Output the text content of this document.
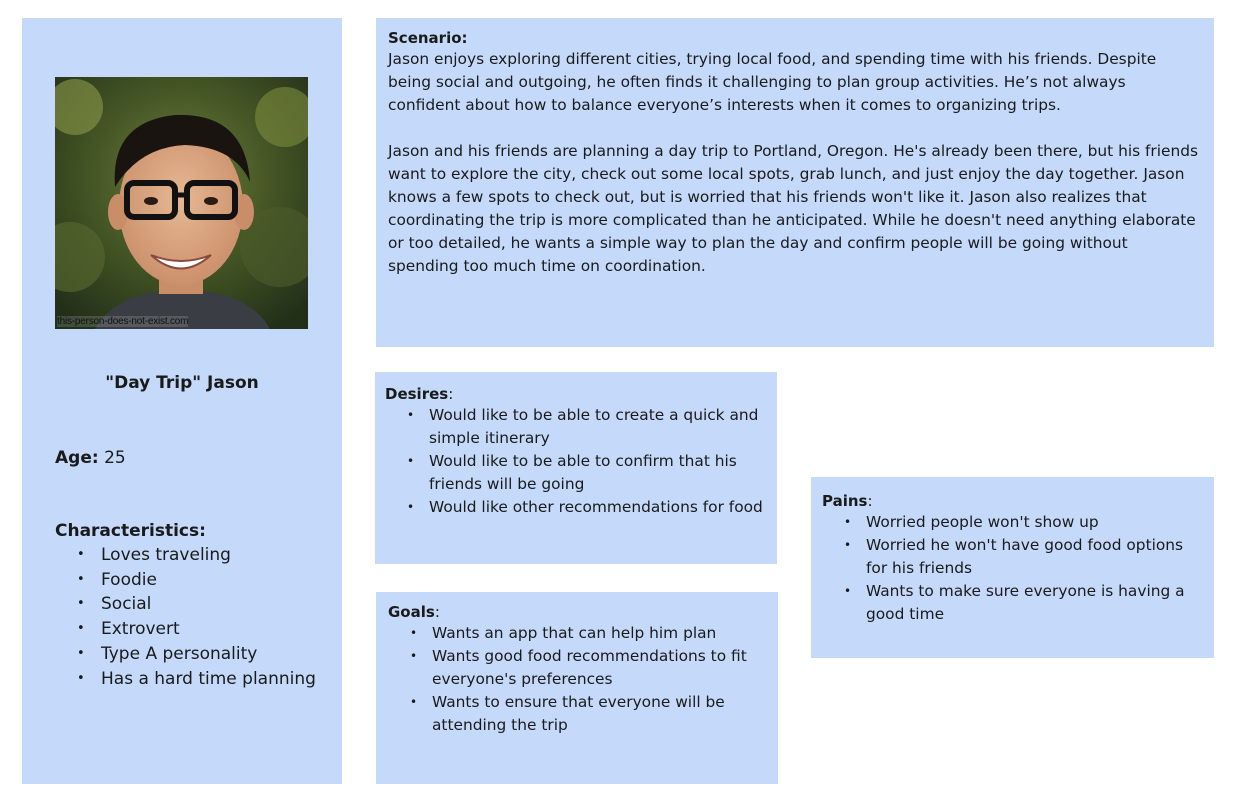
this-person-does-not-exist.com
"Day Trip" Jason
Age: 25
Characteristics:
• Loves traveling
• Foodie
• Social
• Extrovert
• Type A personality
• Has a hard time planning
Scenario:

Jason enjoys exploring different cities, trying local food, and spending time with his friends. Despite being social and outgoing, he often finds it challenging to plan group activities. He’s not always confident about how to balance everyone’s interests when it comes to organizing trips.

Jason and his friends are planning a day trip to Portland, Oregon. He's already been there, but his friends want to explore the city, check out some local spots, grab lunch, and just enjoy the day together. Jason knows a few spots to check out, but is worried that his friends won't like it. Jason also realizes that coordinating the trip is more complicated than he anticipated. While he doesn't need anything elaborate or too detailed, he wants a simple way to plan the day and confirm people will be going without spending too much time on coordination.

Desires:
• Would like to be able to create a quick and simple itinerary
• Would like to be able to confirm that his friends will be going
• Would like other recommendations for food
Goals:
• Wants an app that can help him plan
• Wants good food recommendations to fit everyone's preferences
• Wants to ensure that everyone will be attending the trip
Pains:
• Worried people won't show up
• Worried he won't have good food options for his friends
• Wants to make sure everyone is having a good time
